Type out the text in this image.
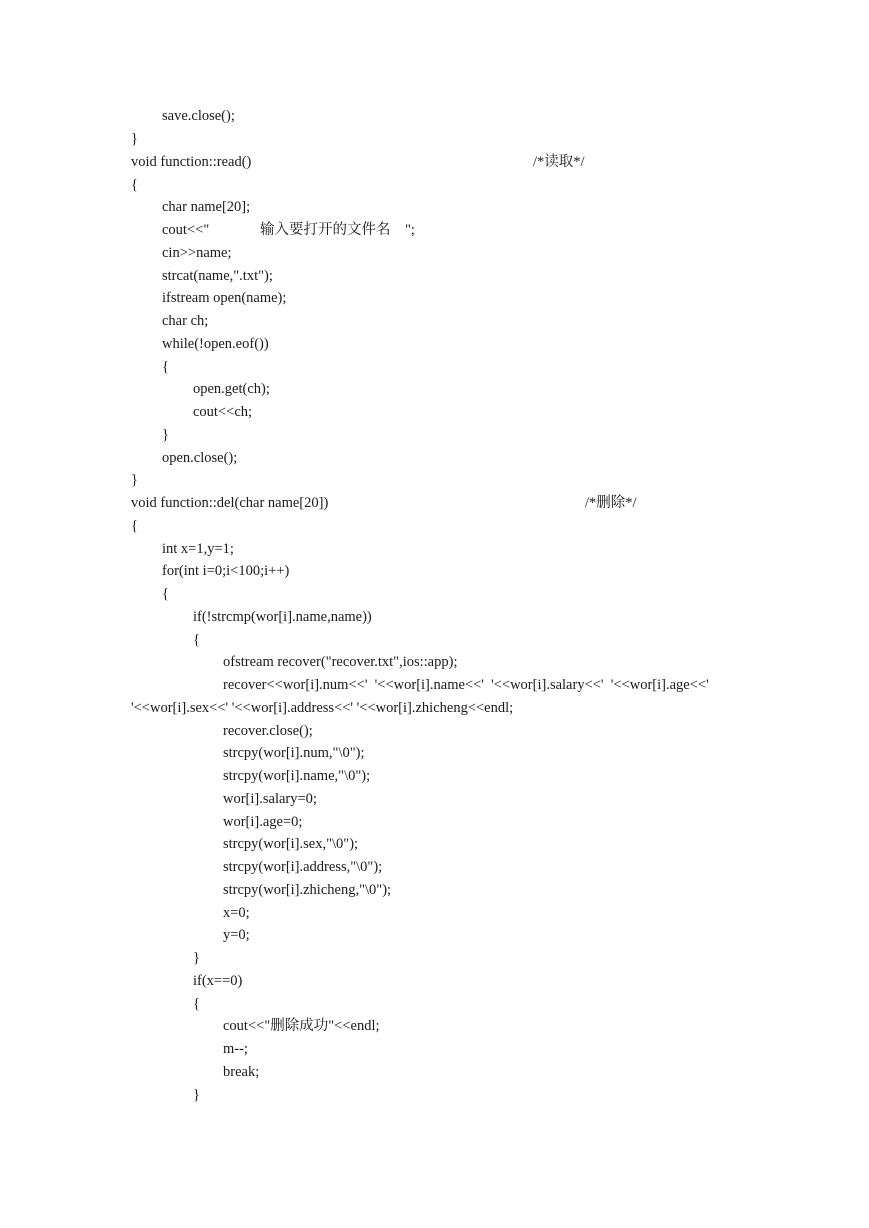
save.close();

}

void function::read()	/*读取*/

{

char name[20];

cout<<"              输入要打开的文件名    ";

cin>>name;

strcat(name,".txt");

ifstream open(name);

char ch;

while(!open.eof())

{

open.get(ch);

cout<<ch;

}

open.close();

}

void function::del(char name[20])	/*删除*/

{

int x=1,y=1;

for(int i=0;i<100;i++)

{

if(!strcmp(wor[i].name,name))

{

ofstream recover("recover.txt",ios::app);

recover<<wor[i].num<<'  '<<wor[i].name<<'  '<<wor[i].salary<<'  '<<wor[i].age<<'

'<<wor[i].sex<<' '<<wor[i].address<<' '<<wor[i].zhicheng<<endl;

recover.close();

strcpy(wor[i].num,"\0");

strcpy(wor[i].name,"\0");

wor[i].salary=0;

wor[i].age=0;

strcpy(wor[i].sex,"\0");

strcpy(wor[i].address,"\0");

strcpy(wor[i].zhicheng,"\0");

x=0;

y=0;

}

if(x==0)

{

cout<<"删除成功"<<endl;

m--;

break;

}
